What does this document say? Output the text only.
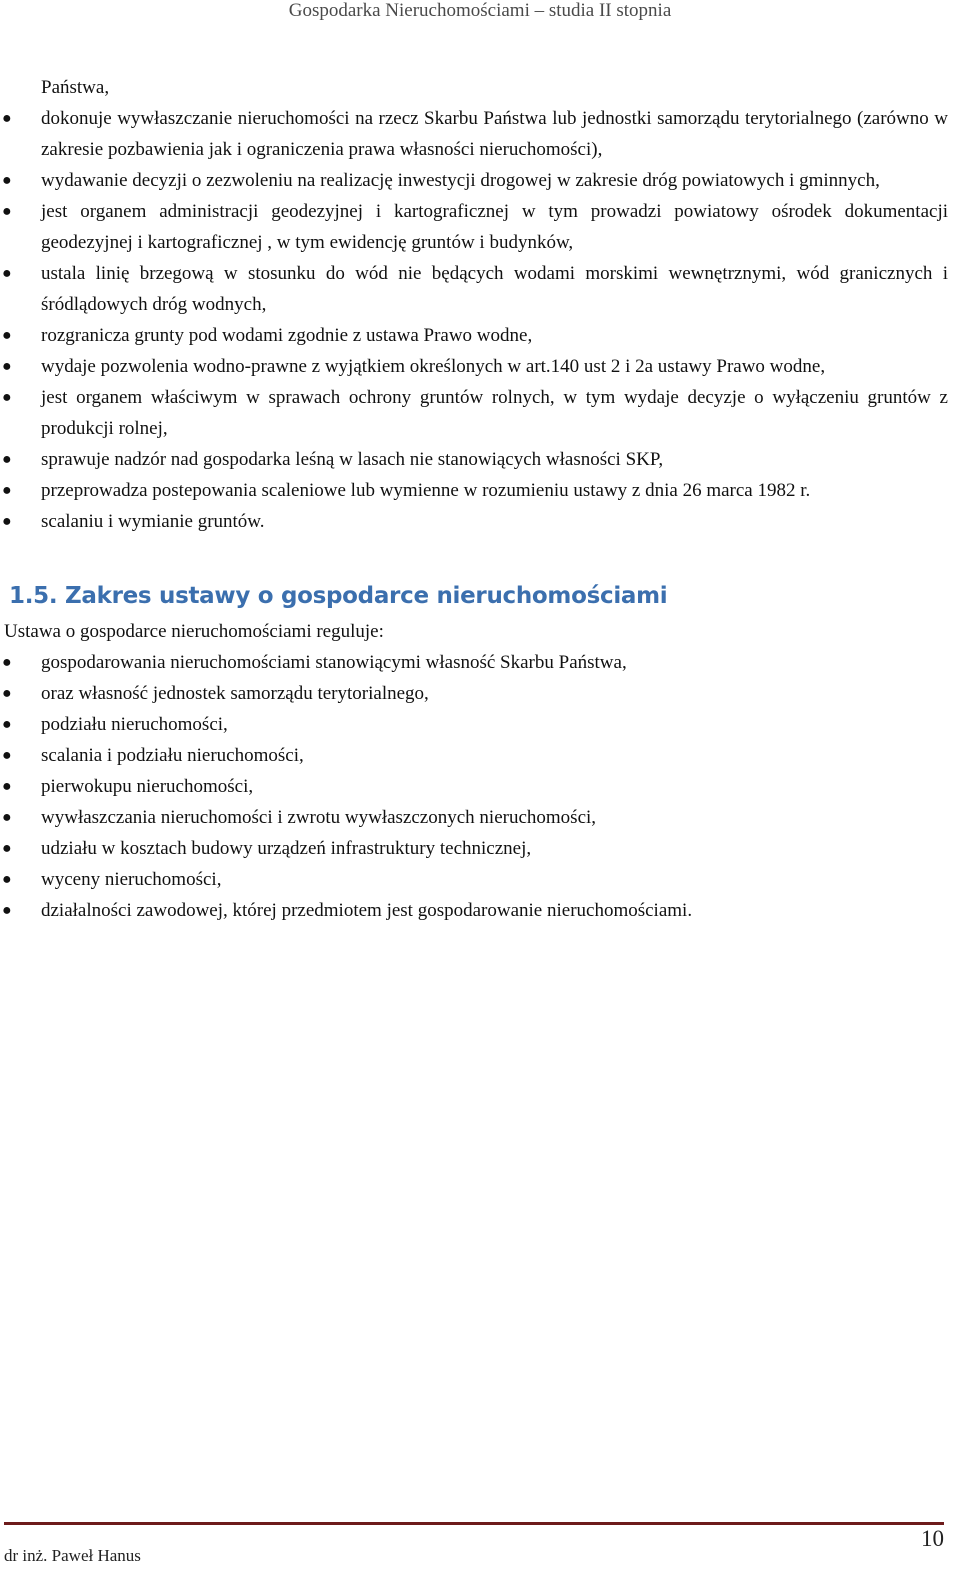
Gospodarka Nieruchomościami – studia II stopnia
Państwa,
● dokonuje wywłaszczanie nieruchomości na rzecz Skarbu Państwa lub jednostki samorządu terytorialnego (zarówno w zakresie pozbawienia jak i ograniczenia prawa własności nieruchomości),
● wydawanie decyzji o zezwoleniu na realizację inwestycji drogowej w zakresie dróg powiatowych i gminnych,
● jest organem administracji geodezyjnej i kartograficznej w tym prowadzi powiatowy ośrodek dokumentacji geodezyjnej i kartograficznej , w tym ewidencję gruntów i budynków,
● ustala linię brzegową w stosunku do wód nie będących wodami morskimi wewnętrznymi, wód granicznych i śródlądowych dróg wodnych,
● rozgranicza grunty pod wodami zgodnie z ustawa Prawo wodne,
● wydaje pozwolenia wodno-prawne z wyjątkiem określonych w art.140 ust 2 i 2a ustawy Prawo wodne,
● jest organem właściwym w sprawach ochrony gruntów rolnych, w tym wydaje decyzje o wyłączeniu gruntów z produkcji rolnej,
● sprawuje nadzór nad gospodarka leśną w lasach nie stanowiących własności SKP,
● przeprowadza postepowania scaleniowe lub wymienne w rozumieniu ustawy z dnia 26 marca 1982 r.
● scalaniu i wymianie gruntów.
1.5. Zakres ustawy o gospodarce nieruchomościami
Ustawa o gospodarce nieruchomościami reguluje:
● gospodarowania nieruchomościami stanowiącymi własność Skarbu Państwa,
● oraz własność jednostek samorządu terytorialnego,
● podziału nieruchomości,
● scalania i podziału nieruchomości,
● pierwokupu nieruchomości,
● wywłaszczania nieruchomości i zwrotu wywłaszczonych nieruchomości,
● udziału w kosztach budowy urządzeń infrastruktury technicznej,
● wyceny nieruchomości,
● działalności zawodowej, której przedmiotem jest gospodarowanie nieruchomościami.
dr inż. Paweł Hanus
10
